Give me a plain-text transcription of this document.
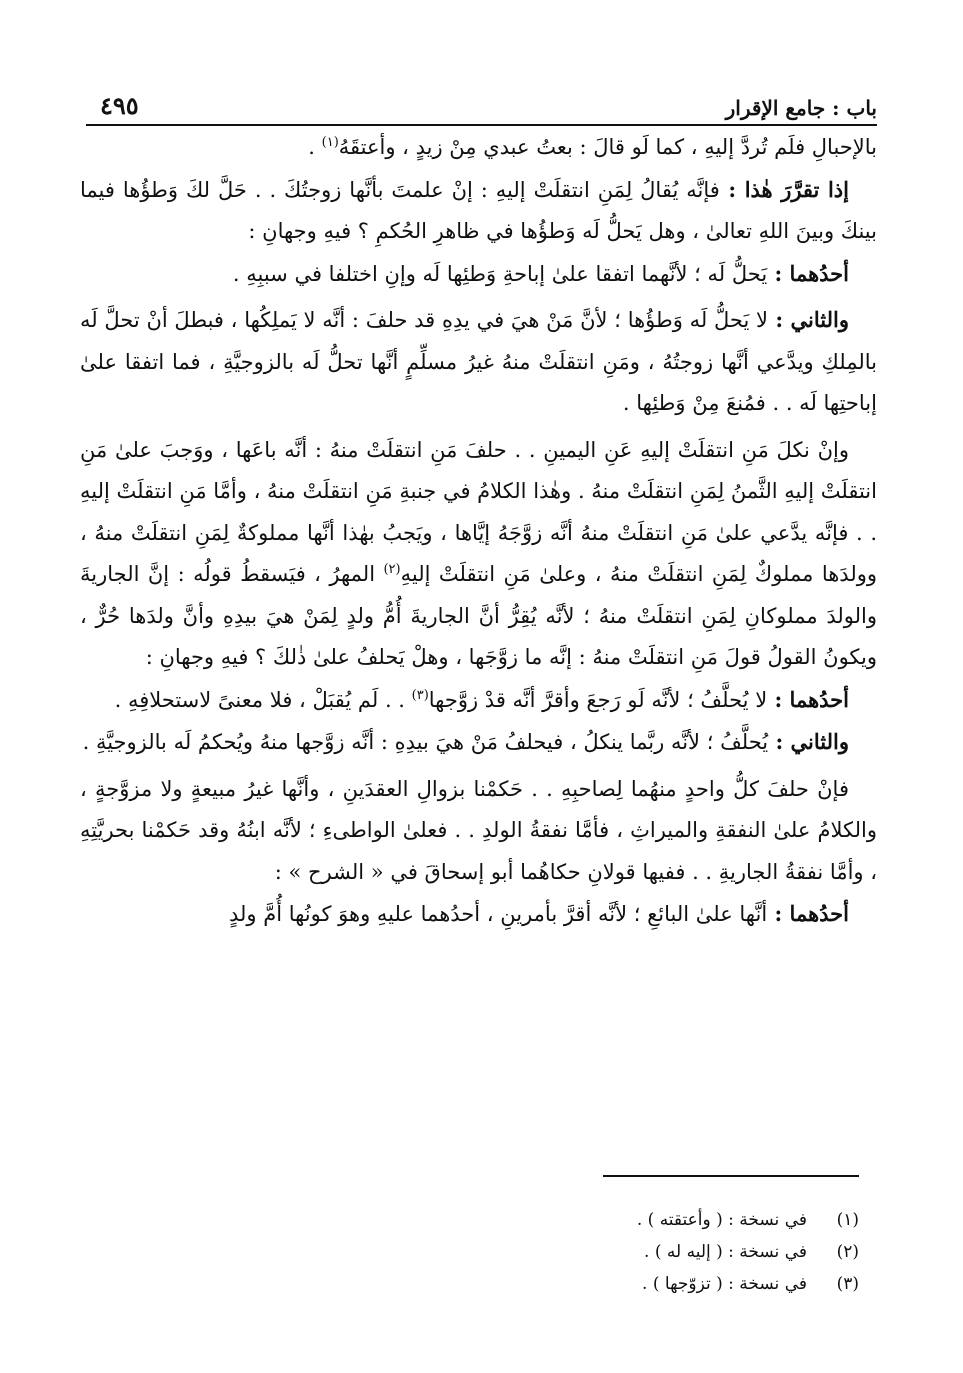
باب : جامع الإقرار
٤٩٥

بالإحبالِ فلَم تُردَّ إليهِ ، كما لَو قالَ : بعتُ عبدي مِنْ زيدٍ ، وأعتقَهُ$^{(١)}$ .

إذا تقرَّرَ هٰذا : فإنَّه يُقالُ لِمَنِ انتقلَتْ إليهِ : إنْ علمتَ بأنَّها زوجتُكَ . . حَلَّ لكَ وَطؤُها فيما بينكَ وبينَ اللهِ تعالىٰ ، وهل يَحلُّ لَه وَطؤُها في ظاهرِ الحُكمِ ؟ فيهِ وجهانِ :

أحدُهما : يَحلُّ لَه ؛ لأنَّهما اتفقا علىٰ إباحةِ وَطئِها لَه وإنِ اختلفا في سببِهِ .

والثاني : لا يَحلُّ لَه وَطؤُها ؛ لأنَّ مَنْ هيَ في يدِهِ قد حلفَ : أنَّه لا يَملِكُها ، فبطلَ أنْ تحلَّ لَه بالمِلكِ ويدَّعي أنَّها زوجتُهُ ، ومَنِ انتقلَتْ منهُ غيرُ مسلِّمٍ أنَّها تحلُّ لَه بالزوجيَّةِ ، فما اتفقا علىٰ إباحتِها لَه . . فمُنعَ مِنْ وَطئِها .

وإنْ نكلَ مَنِ انتقلَتْ إليهِ عَنِ اليمينِ . . حلفَ مَنِ انتقلَتْ منهُ : أنَّه باعَها ، ووَجبَ علىٰ مَنِ انتقلَتْ إليهِ الثَّمنُ لِمَنِ انتقلَتْ منهُ . وهٰذا الكلامُ في جنبةِ مَنِ انتقلَتْ منهُ ، وأمَّا مَنِ انتقلَتْ إليهِ . . فإنَّه يدَّعي علىٰ مَنِ انتقلَتْ منهُ أنَّه زوَّجَهُ إيَّاها ، ويَجبُ بهٰذا أنَّها مملوكةٌ لِمَنِ انتقلَتْ منهُ ، وولدَها مملوكٌ لِمَنِ انتقلَتْ منهُ ، وعلىٰ مَنِ انتقلَتْ إليهِ$^{(٢)}$ المهرُ ، فيَسقطُ قولُه : إنَّ الجاريةَ والولدَ مملوكانِ لِمَنِ انتقلَتْ منهُ ؛ لأنَّه يُقِرُّ أنَّ الجاريةَ أُمُّ ولدٍ لِمَنْ هيَ بيدِهِ وأنَّ ولدَها حُرٌّ ، ويكونُ القولُ قولَ مَنِ انتقلَتْ منهُ : إنَّه ما زوَّجَها ، وهلْ يَحلفُ علىٰ ذٰلكَ ؟ فيهِ وجهانِ :

أحدُهما : لا يُحلَّفُ ؛ لأنَّه لَو رَجعَ وأقرَّ أنَّه قدْ زوَّجها$^{(٣)}$ . . لَم يُقبَلْ ، فلا معنىً لاستحلافِهِ .

والثاني : يُحلَّفُ ؛ لأنَّه ربَّما ينكلُ ، فيحلفُ مَنْ هيَ بيدِهِ : أنَّه زوَّجها منهُ ويُحكمُ لَه بالزوجيَّةِ .

فإنْ حلفَ كلُّ واحدٍ منهُما لِصاحبِهِ . . حَكمْنا بزوالِ العقدَينِ ، وأنَّها غيرُ مبيعةٍ ولا مزوَّجةٍ ، والكلامُ علىٰ النفقةِ والميراثِ ، فأمَّا نفقةُ الولدِ . . فعلىٰ الواطىءِ ؛ لأنَّه ابنُهُ وقد حَكمْنا بحريَّتِهِ ، وأمَّا نفقةُ الجاريةِ . . ففيها قولانِ حكاهُما أبو إسحاقَ في « الشرح » :

أحدُهما : أنَّها علىٰ البائعِ ؛ لأنَّه أقرَّ بأمرينِ ، أحدُهما عليهِ وهوَ كونُها أُمَّ ولدٍ

(١)
في نسخة : ( وأعتقته ) .

(٢)
في نسخة : ( إليه له ) .

(٣)
في نسخة : ( تزوّجها ) .
